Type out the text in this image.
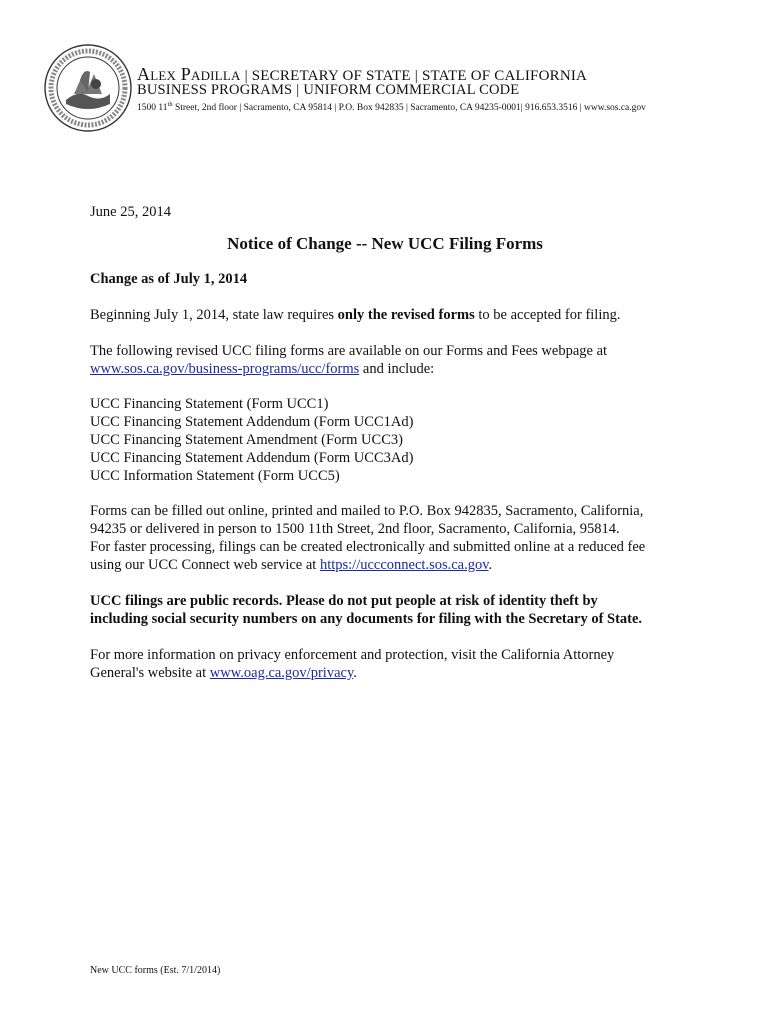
Alex Padilla | SECRETARY OF STATE | STATE OF CALIFORNIA
BUSINESS PROGRAMS | UNIFORM COMMERCIAL CODE
1500 11th Street, 2nd floor | Sacramento, CA 95814 | P.O. Box 942835 | Sacramento, CA 94235-0001| 916.653.3516 | www.sos.ca.gov
June 25, 2014
Notice of Change -- New UCC Filing Forms
Change as of July 1, 2014
Beginning July 1, 2014, state law requires only the revised forms to be accepted for filing.
The following revised UCC filing forms are available on our Forms and Fees webpage at
www.sos.ca.gov/business-programs/ucc/forms and include:
UCC Financing Statement (Form UCC1)
UCC Financing Statement Addendum (Form UCC1Ad)
UCC Financing Statement Amendment (Form UCC3)
UCC Financing Statement Addendum (Form UCC3Ad)
UCC Information Statement (Form UCC5)
Forms can be filled out online, printed and mailed to P.O. Box 942835, Sacramento, California,
94235 or delivered in person to 1500 11th Street, 2nd floor, Sacramento, California, 95814.
For faster processing, filings can be created electronically and submitted online at a reduced fee
using our UCC Connect web service at https://uccconnect.sos.ca.gov.
UCC filings are public records. Please do not put people at risk of identity theft by
including social security numbers on any documents for filing with the Secretary of State.
For more information on privacy enforcement and protection, visit the California Attorney
General's website at www.oag.ca.gov/privacy.
New UCC forms (Est. 7/1/2014)
